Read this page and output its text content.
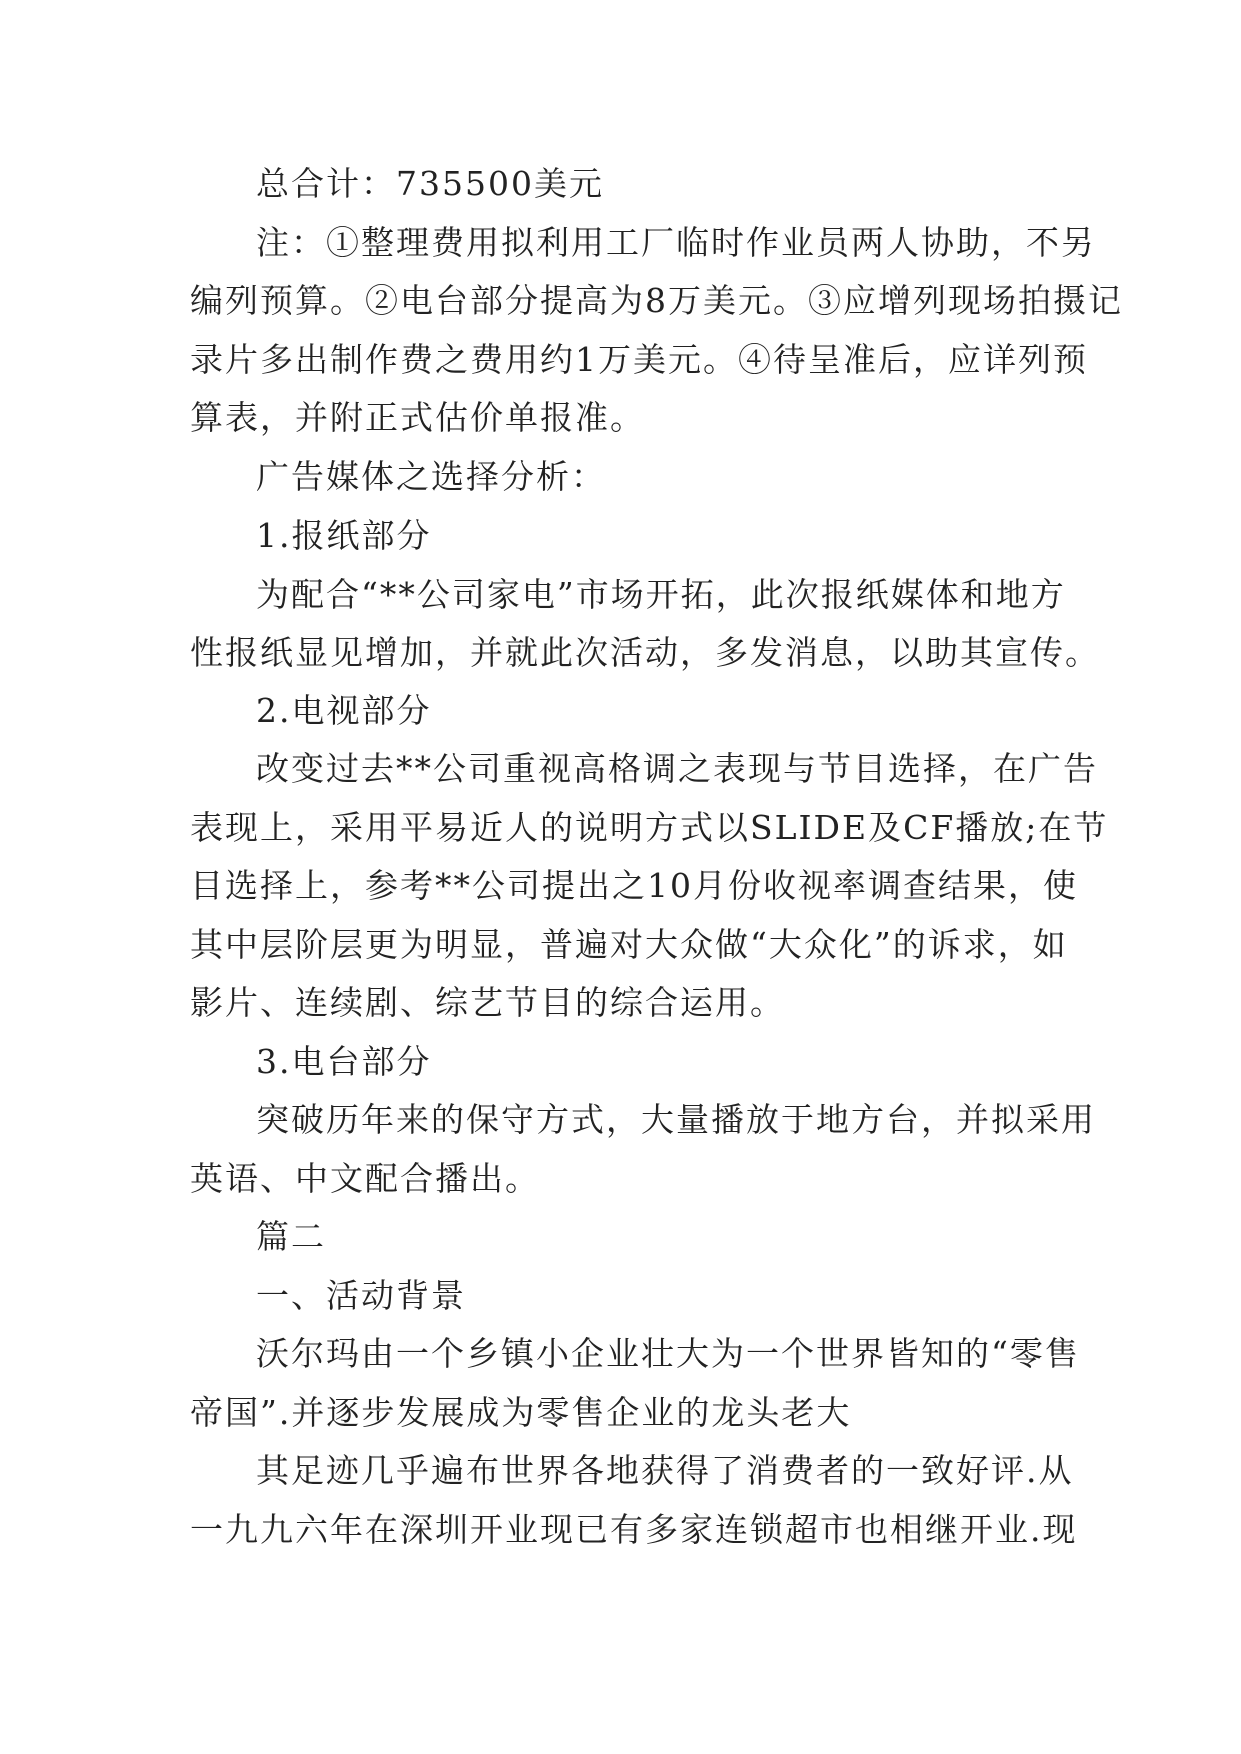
总合计：735500美元
注：①整理费用拟利用工厂临时作业员两人协助，不另
编列预算。②电台部分提高为8万美元。③应增列现场拍摄记
录片多出制作费之费用约1万美元。④待呈准后，应详列预
算表，并附正式估价单报准。
广告媒体之选择分析：
1.报纸部分
为配合“**公司家电”市场开拓，此次报纸媒体和地方
性报纸显见增加，并就此次活动，多发消息，以助其宣传。
2.电视部分
改变过去**公司重视高格调之表现与节目选择，在广告
表现上，采用平易近人的说明方式以SLIDE及CF播放;在节
目选择上，参考**公司提出之10月份收视率调查结果，使
其中层阶层更为明显，普遍对大众做“大众化”的诉求，如
影片、连续剧、综艺节目的综合运用。
3.电台部分
突破历年来的保守方式，大量播放于地方台，并拟采用
英语、中文配合播出。
篇二
一、活动背景
沃尔玛由一个乡镇小企业壮大为一个世界皆知的“零售
帝国”.并逐步发展成为零售企业的龙头老大
其足迹几乎遍布世界各地获得了消费者的一致好评.从
一九九六年在深圳开业现已有多家连锁超市也相继开业.现
